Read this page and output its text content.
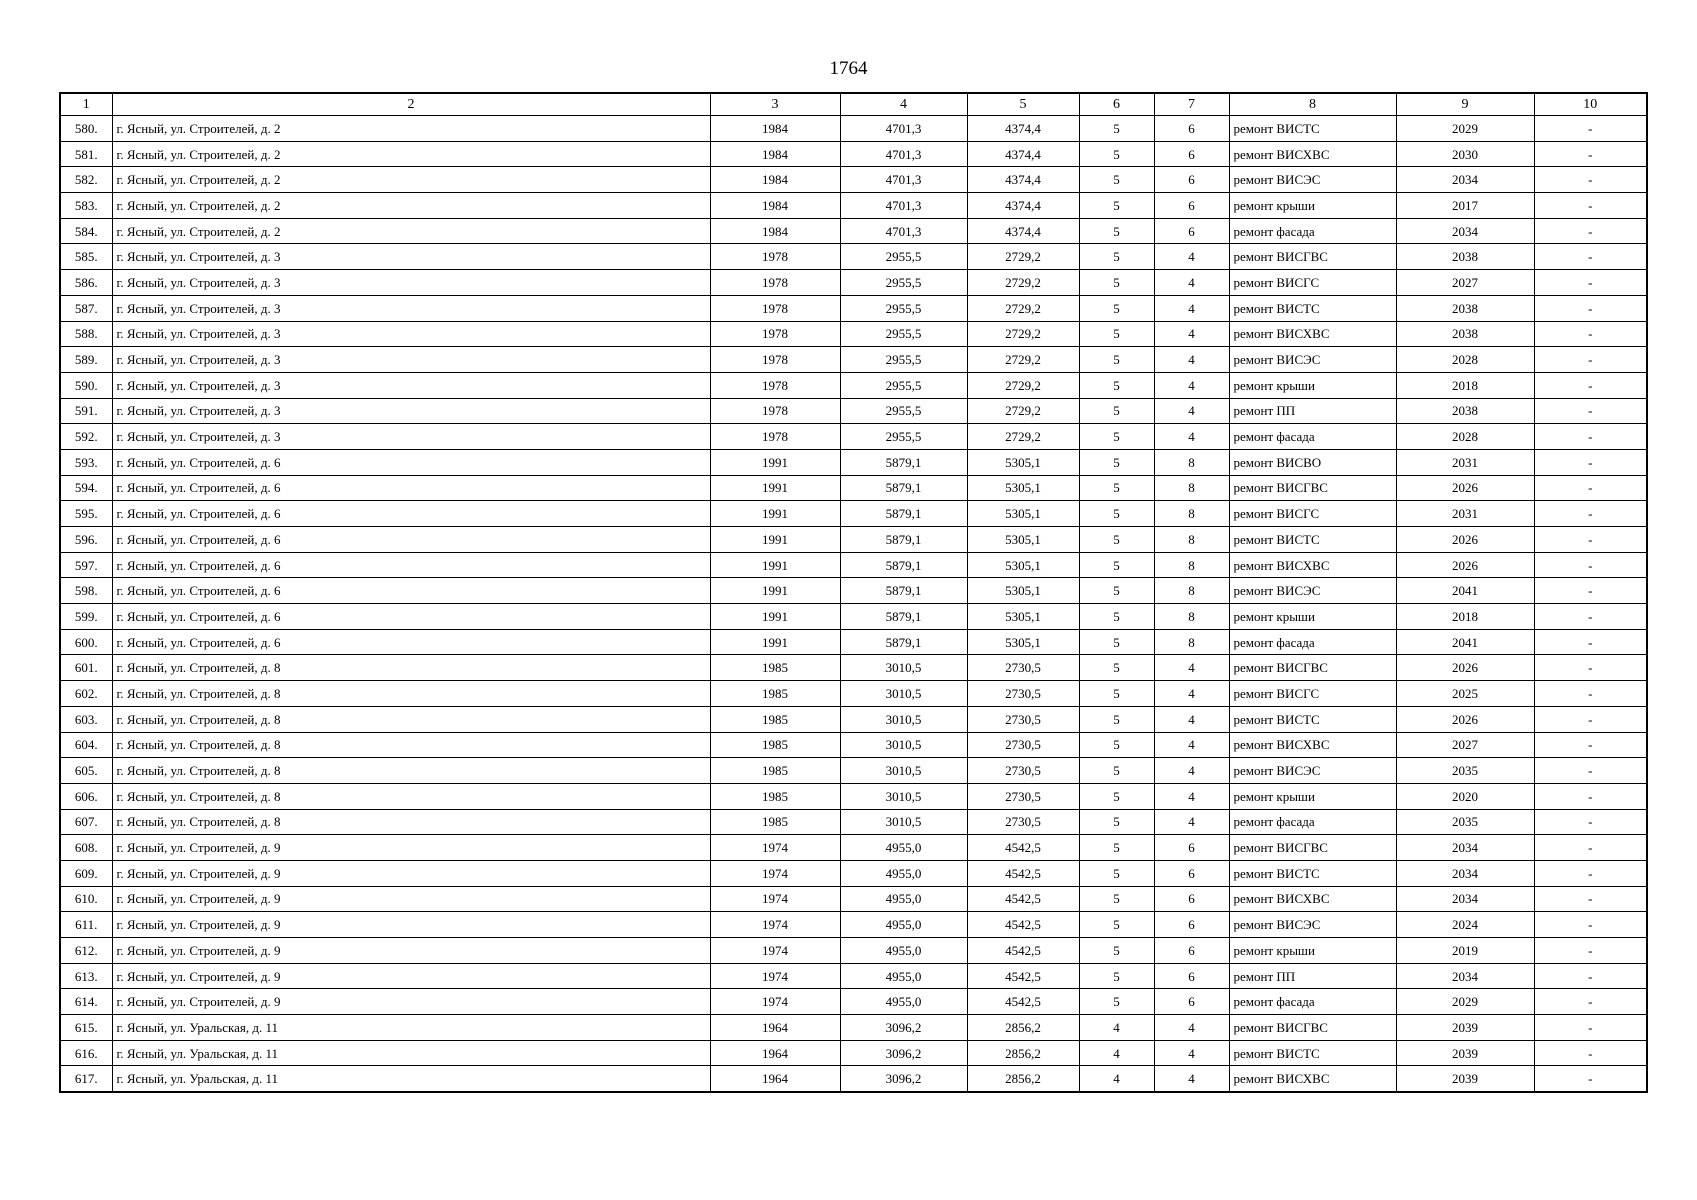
1764
1	2	3	4	5	6	7	8	9	10
580.	г. Ясный, ул. Строителей, д. 2	1984	4701,3	4374,4	5	6	ремонт ВИСТС	2029	-
581.	г. Ясный, ул. Строителей, д. 2	1984	4701,3	4374,4	5	6	ремонт ВИСХВС	2030	-
582.	г. Ясный, ул. Строителей, д. 2	1984	4701,3	4374,4	5	6	ремонт ВИСЭС	2034	-
583.	г. Ясный, ул. Строителей, д. 2	1984	4701,3	4374,4	5	6	ремонт крыши	2017	-
584.	г. Ясный, ул. Строителей, д. 2	1984	4701,3	4374,4	5	6	ремонт фасада	2034	-
585.	г. Ясный, ул. Строителей, д. 3	1978	2955,5	2729,2	5	4	ремонт ВИСГВС	2038	-
586.	г. Ясный, ул. Строителей, д. 3	1978	2955,5	2729,2	5	4	ремонт ВИСГС	2027	-
587.	г. Ясный, ул. Строителей, д. 3	1978	2955,5	2729,2	5	4	ремонт ВИСТС	2038	-
588.	г. Ясный, ул. Строителей, д. 3	1978	2955,5	2729,2	5	4	ремонт ВИСХВС	2038	-
589.	г. Ясный, ул. Строителей, д. 3	1978	2955,5	2729,2	5	4	ремонт ВИСЭС	2028	-
590.	г. Ясный, ул. Строителей, д. 3	1978	2955,5	2729,2	5	4	ремонт крыши	2018	-
591.	г. Ясный, ул. Строителей, д. 3	1978	2955,5	2729,2	5	4	ремонт ПП	2038	-
592.	г. Ясный, ул. Строителей, д. 3	1978	2955,5	2729,2	5	4	ремонт фасада	2028	-
593.	г. Ясный, ул. Строителей, д. 6	1991	5879,1	5305,1	5	8	ремонт ВИСВО	2031	-
594.	г. Ясный, ул. Строителей, д. 6	1991	5879,1	5305,1	5	8	ремонт ВИСГВС	2026	-
595.	г. Ясный, ул. Строителей, д. 6	1991	5879,1	5305,1	5	8	ремонт ВИСГС	2031	-
596.	г. Ясный, ул. Строителей, д. 6	1991	5879,1	5305,1	5	8	ремонт ВИСТС	2026	-
597.	г. Ясный, ул. Строителей, д. 6	1991	5879,1	5305,1	5	8	ремонт ВИСХВС	2026	-
598.	г. Ясный, ул. Строителей, д. 6	1991	5879,1	5305,1	5	8	ремонт ВИСЭС	2041	-
599.	г. Ясный, ул. Строителей, д. 6	1991	5879,1	5305,1	5	8	ремонт крыши	2018	-
600.	г. Ясный, ул. Строителей, д. 6	1991	5879,1	5305,1	5	8	ремонт фасада	2041	-
601.	г. Ясный, ул. Строителей, д. 8	1985	3010,5	2730,5	5	4	ремонт ВИСГВС	2026	-
602.	г. Ясный, ул. Строителей, д. 8	1985	3010,5	2730,5	5	4	ремонт ВИСГС	2025	-
603.	г. Ясный, ул. Строителей, д. 8	1985	3010,5	2730,5	5	4	ремонт ВИСТС	2026	-
604.	г. Ясный, ул. Строителей, д. 8	1985	3010,5	2730,5	5	4	ремонт ВИСХВС	2027	-
605.	г. Ясный, ул. Строителей, д. 8	1985	3010,5	2730,5	5	4	ремонт ВИСЭС	2035	-
606.	г. Ясный, ул. Строителей, д. 8	1985	3010,5	2730,5	5	4	ремонт крыши	2020	-
607.	г. Ясный, ул. Строителей, д. 8	1985	3010,5	2730,5	5	4	ремонт фасада	2035	-
608.	г. Ясный, ул. Строителей, д. 9	1974	4955,0	4542,5	5	6	ремонт ВИСГВС	2034	-
609.	г. Ясный, ул. Строителей, д. 9	1974	4955,0	4542,5	5	6	ремонт ВИСТС	2034	-
610.	г. Ясный, ул. Строителей, д. 9	1974	4955,0	4542,5	5	6	ремонт ВИСХВС	2034	-
611.	г. Ясный, ул. Строителей, д. 9	1974	4955,0	4542,5	5	6	ремонт ВИСЭС	2024	-
612.	г. Ясный, ул. Строителей, д. 9	1974	4955,0	4542,5	5	6	ремонт крыши	2019	-
613.	г. Ясный, ул. Строителей, д. 9	1974	4955,0	4542,5	5	6	ремонт ПП	2034	-
614.	г. Ясный, ул. Строителей, д. 9	1974	4955,0	4542,5	5	6	ремонт фасада	2029	-
615.	г. Ясный, ул. Уральская, д. 11	1964	3096,2	2856,2	4	4	ремонт ВИСГВС	2039	-
616.	г. Ясный, ул. Уральская, д. 11	1964	3096,2	2856,2	4	4	ремонт ВИСТС	2039	-
617.	г. Ясный, ул. Уральская, д. 11	1964	3096,2	2856,2	4	4	ремонт ВИСХВС	2039	-
